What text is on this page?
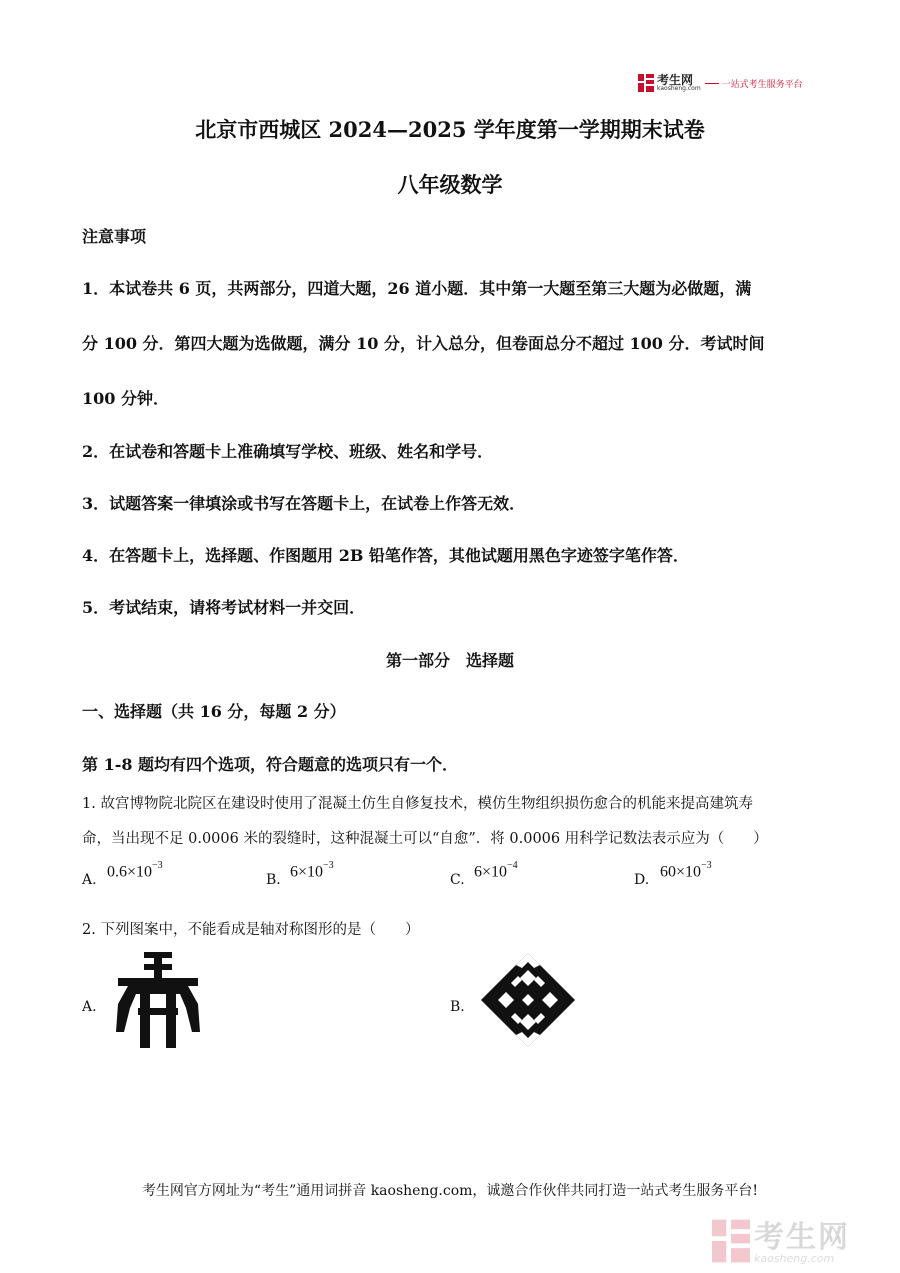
考生网
kaosheng.com 一站式考生服务平台
北京市西城区 2024—2025 学年度第一学期期末试卷
八年级数学
注意事项
1．本试卷共 6 页，共两部分，四道大题，26 道小题．其中第一大题至第三大题为必做题，满
分 100 分．第四大题为选做题，满分 10 分，计入总分，但卷面总分不超过 100 分．考试时间
100 分钟．
2．在试卷和答题卡上准确填写学校、班级、姓名和学号．
3．试题答案一律填涂或书写在答题卡上，在试卷上作答无效．
4．在答题卡上，选择题、作图题用 2B 铅笔作答，其他试题用黑色字迹签字笔作答．
5．考试结束，请将考试材料一并交回．
第一部分　选择题
一、选择题（共 16 分，每题 2 分）
第 1-8 题均有四个选项，符合题意的选项只有一个．
1. 故宫博物院北院区在建设时使用了混凝土仿生自修复技术，模仿生物组织损伤愈合的机能来提高建筑寿
命，当出现不足 0.0006 米的裂缝时，这种混凝土可以“自愈”．将 0.0006 用科学记数法表示应为（　　）
A. $0.6\times 10^{-3}$
B. $6\times 10^{-3}$
C. $6\times 10^{-4}$
D. $60\times 10^{-3}$
2. 下列图案中，不能看成是轴对称图形的是（　　）
A.	B.
考生网官方网址为“考生”通用词拼音 kaosheng.com，诚邀合作伙伴共同打造一站式考生服务平台!
考生网
kaosheng.com
